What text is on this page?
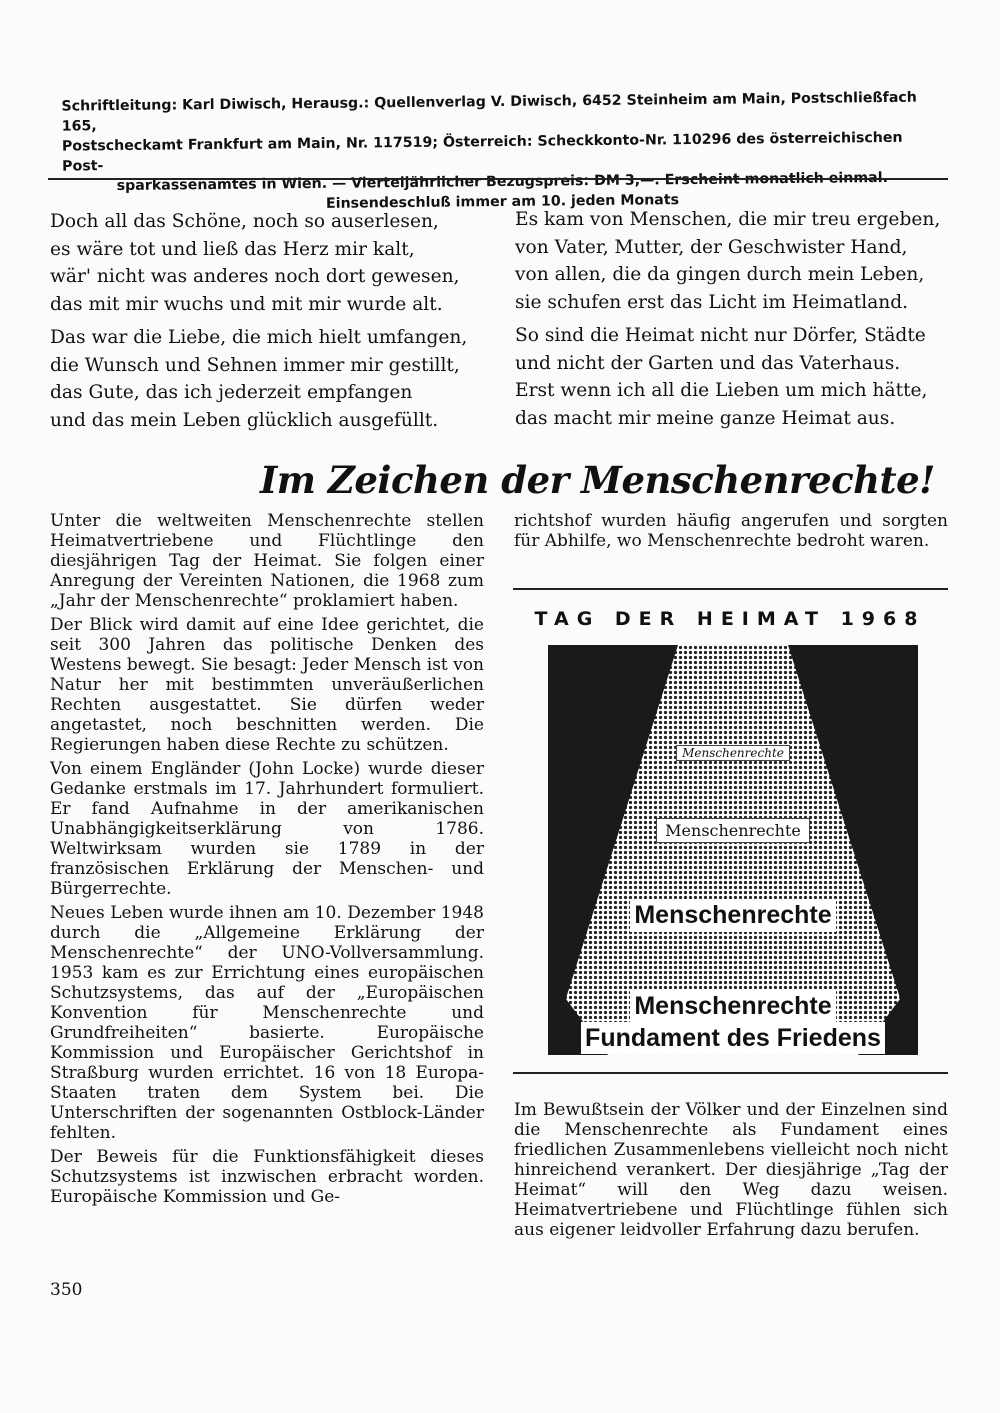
Schriftleitung: Karl Diwisch, Herausg.: Quellenverlag V. Diwisch, 6452 Steinheim am Main, Postschließfach 165,
Postscheckamt Frankfurt am Main, Nr. 117519; Österreich: Scheckkonto-Nr. 110296 des österreichischen Post-
sparkassenamtes in Wien. — Vierteljährlicher Bezugspreis: DM 3,—. Erscheint monatlich einmal.
Einsendeschluß immer am 10. jeden Monats

Doch all das Schöne, noch so auserlesen,

es wäre tot und ließ das Herz mir kalt,

wär' nicht was anderes noch dort gewesen,

das mit mir wuchs und mit mir wurde alt.

Das war die Liebe, die mich hielt umfangen,

die Wunsch und Sehnen immer mir gestillt,

das Gute, das ich jederzeit empfangen

und das mein Leben glücklich ausgefüllt.

Es kam von Menschen, die mir treu ergeben,

von Vater, Mutter, der Geschwister Hand,

von allen, die da gingen durch mein Leben,

sie schufen erst das Licht im Heimatland.

So sind die Heimat nicht nur Dörfer, Städte

und nicht der Garten und das Vaterhaus.

Erst wenn ich all die Lieben um mich hätte,

das macht mir meine ganze Heimat aus.

Im Zeichen der Menschenrechte!

Unter die weltweiten Menschenrechte stellen Heimatvertriebene und Flüchtlinge den diesjährigen Tag der Heimat. Sie folgen einer Anregung der Vereinten Nationen, die 1968 zum „Jahr der Menschenrechte“ proklamiert haben.

Der Blick wird damit auf eine Idee gerichtet, die seit 300 Jahren das politische Denken des Westens bewegt. Sie besagt: Jeder Mensch ist von Natur her mit bestimmten unveräußerlichen Rechten ausgestattet. Sie dürfen weder angetastet, noch beschnitten werden. Die Regierungen haben diese Rechte zu schützen.

Von einem Engländer (John Locke) wurde dieser Gedanke erstmals im 17. Jahrhundert formuliert. Er fand Aufnahme in der amerikanischen Unabhängigkeitserklärung von 1786. Weltwirksam wurden sie 1789 in der französischen Erklärung der Menschen- und Bürgerrechte.

Neues Leben wurde ihnen am 10. Dezember 1948 durch die „Allgemeine Erklärung der Menschenrechte“ der UNO-Vollversammlung. 1953 kam es zur Errichtung eines europäischen Schutzsystems, das auf der „Europäischen Konvention für Menschenrechte und Grundfreiheiten“ basierte. Europäische Kommission und Europäischer Gerichtshof in Straßburg wurden errichtet. 16 von 18 Europa-Staaten traten dem System bei. Die Unterschriften der sogenannten Ostblock-Länder fehlten.

Der Beweis für die Funktionsfähigkeit dieses Schutzsystems ist inzwischen erbracht worden. Europäische Kommission und Ge-

richtshof wurden häufig angerufen und sorgten für Abhilfe, wo Menschenrechte bedroht waren.

TAG DER HEIMAT 1968
Menschenrechte
Menschenrechte
Menschenrechte
Menschenrechte
Fundament des Friedens

Im Bewußtsein der Völker und der Einzelnen sind die Menschenrechte als Fundament eines friedlichen Zusammenlebens vielleicht noch nicht hinreichend verankert. Der diesjährige „Tag der Heimat“ will den Weg dazu weisen. Heimatvertriebene und Flüchtlinge fühlen sich aus eigener leidvoller Erfahrung dazu berufen.

350
